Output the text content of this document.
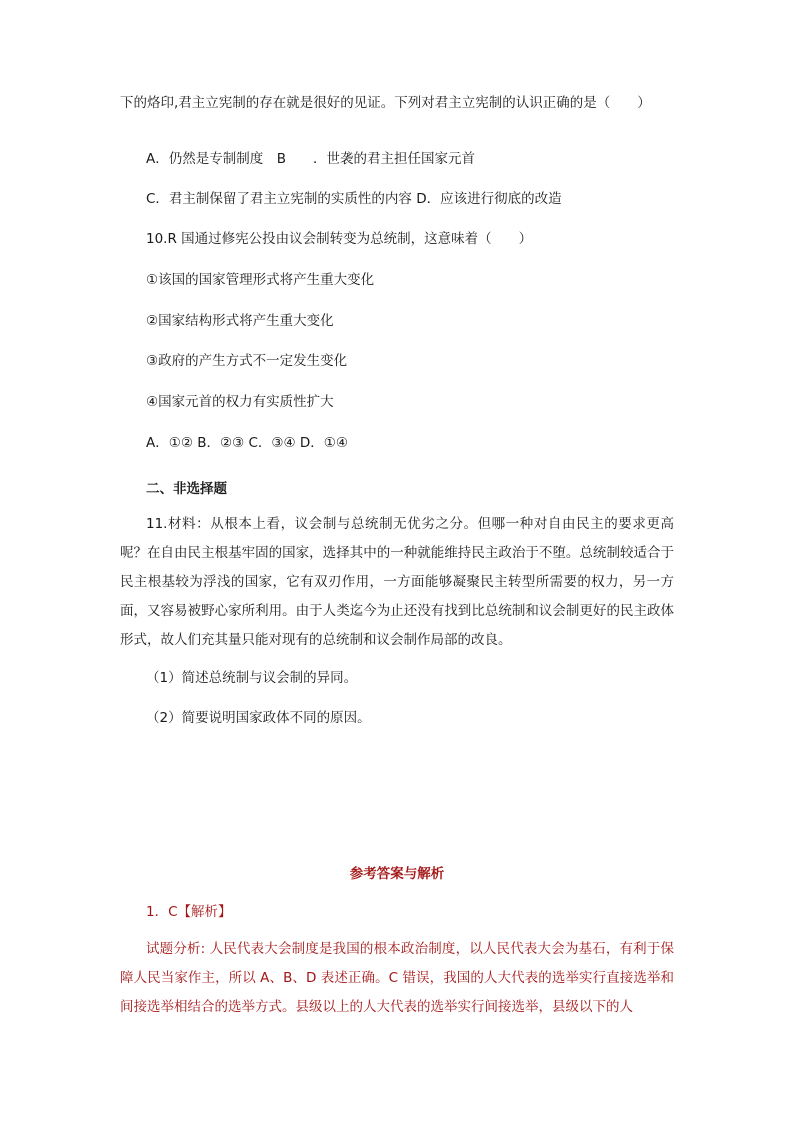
下的烙印,君主立宪制的存在就是很好的见证。下列对君主立宪制的认识正确的是（　　）
A．仍然是专制制度　B　　．世袭的君主担任国家元首
C．君主制保留了君主立宪制的实质性的内容 D．应该进行彻底的改造
10.R 国通过修宪公投由议会制转变为总统制，这意味着（　　）
①该国的国家管理形式将产生重大变化
②国家结构形式将产生重大变化
③政府的产生方式不一定发生变化
④国家元首的权力有实质性扩大
A．①② B．②③ C．③④ D．①④
二、非选择题
11.材料：从根本上看，议会制与总统制无优劣之分。但哪一种对自由民主的要求更高呢？在自由民主根基牢固的国家，选择其中的一种就能维持民主政治于不堕。总统制较适合于民主根基较为浮浅的国家，它有双刃作用，一方面能够凝聚民主转型所需要的权力，另一方面，又容易被野心家所利用。由于人类迄今为止还没有找到比总统制和议会制更好的民主政体形式，故人们充其量只能对现有的总统制和议会制作局部的改良。
（1）简述总统制与议会制的异同。
（2）简要说明国家政体不同的原因。
参考答案与解析
1．C【解析】
试题分析: 人民代表大会制度是我国的根本政治制度，以人民代表大会为基石，有利于保障人民当家作主，所以 A、B、D 表述正确。C 错误，我国的人大代表的选举实行直接选举和间接选举相结合的选举方式。县级以上的人大代表的选举实行间接选举，县级以下的人
